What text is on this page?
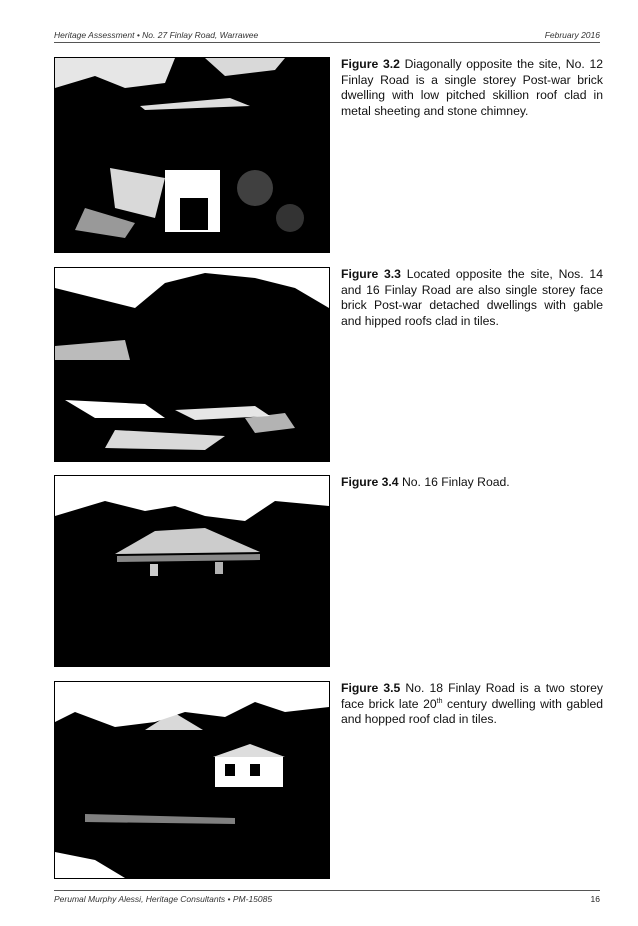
Heritage Assessment • No. 27 Finlay Road, Warrawee	February 2016
Figure 3.2 Diagonally opposite the site, No. 12 Finlay Road is a single storey Post-war brick dwelling with low pitched skillion roof clad in metal sheeting and stone chimney.
Figure 3.3 Located opposite the site, Nos. 14 and 16 Finlay Road are also single storey face brick Post-war detached dwellings with gable and hipped roofs clad in tiles.
Figure 3.4 No. 16 Finlay Road.
Figure 3.5 No. 18 Finlay Road is a two storey face brick late 20th century dwelling with gabled and hopped roof clad in tiles.
Perumal Murphy Alessi, Heritage Consultants • PM-15085	16
